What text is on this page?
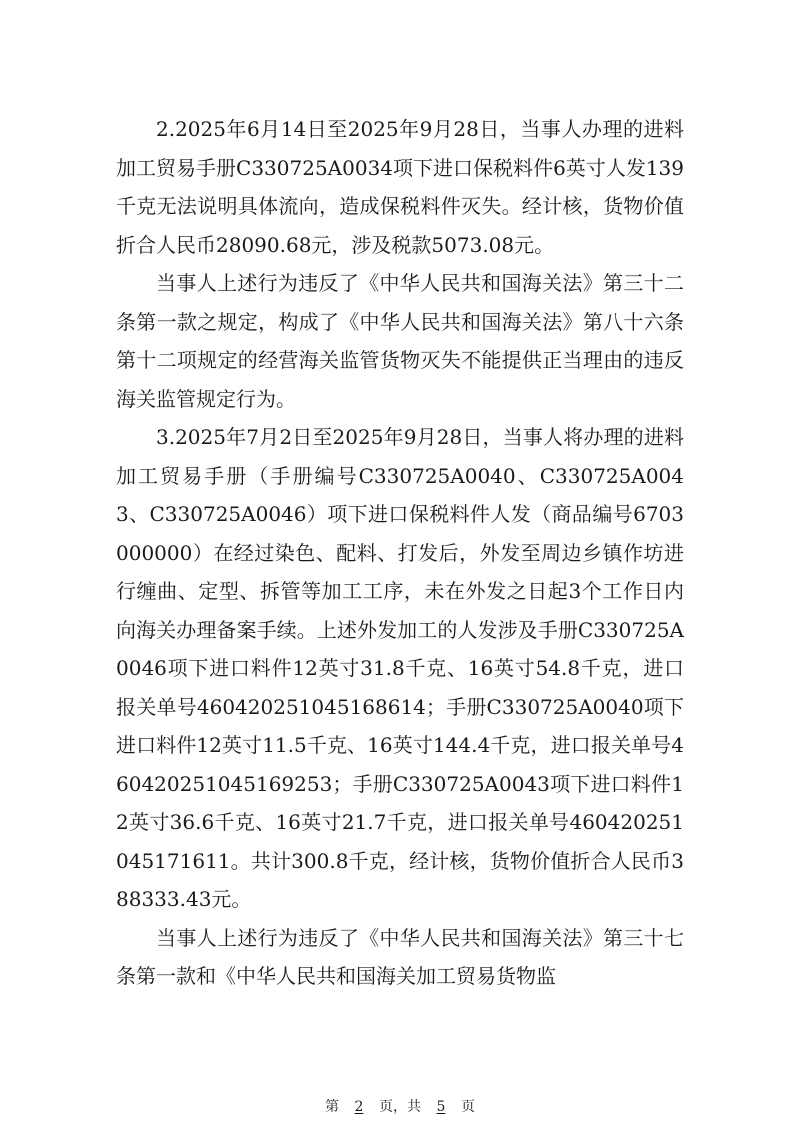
2.2025年6月14日至2025年9月28日，当事人办理的进料加工贸易手册C330725A0034项下进口保税料件6英寸人发139千克无法说明具体流向，造成保税料件灭失。经计核，货物价值折合人民币28090.68元，涉及税款5073.08元。

当事人上述行为违反了《中华人民共和国海关法》第三十二条第一款之规定，构成了《中华人民共和国海关法》第八十六条第十二项规定的经营海关监管货物灭失不能提供正当理由的违反海关监管规定行为。

3.2025年7月2日至2025年9月28日，当事人将办理的进料加工贸易手册（手册编号C330725A0040、C330725A0043、C330725A0046）项下进口保税料件人发（商品编号6703000000）在经过染色、配料、打发后，外发至周边乡镇作坊进行缠曲、定型、拆管等加工工序，未在外发之日起3个工作日内向海关办理备案手续。上述外发加工的人发涉及手册C330725A0046项下进口料件12英寸31.8千克、16英寸54.8千克，进口报关单号460420251045168614；手册C330725A0040项下进口料件12英寸11.5千克、16英寸144.4千克，进口报关单号460420251045169253；手册C330725A0043项下进口料件12英寸36.6千克、16英寸21.7千克，进口报关单号460420251045171611。共计300.8千克，经计核，货物价值折合人民币388333.43元。

当事人上述行为违反了《中华人民共和国海关法》第三十七条第一款和《中华人民共和国海关加工贸易货物监

第 2 页，共 5 页
